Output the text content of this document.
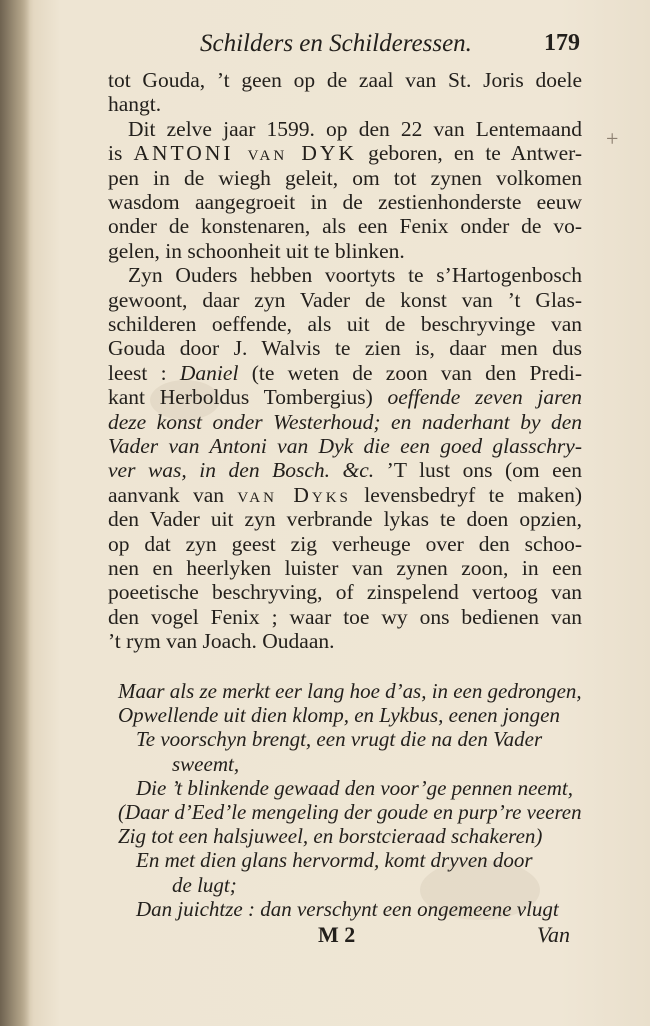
Schilders en Schilderessen.	179
tot Gouda, ’t geen op de zaal van St. Joris doele
hangt.
Dit zelve jaar 1599. op den 22 van Lentemaand
is ANTONI van DYK geboren, en te Antwer-
pen in de wiegh geleit, om tot zynen volkomen
wasdom aangegroeit in de zestienhonderste eeuw
onder de konstenaren, als een Fenix onder de vo-
gelen, in schoonheit uit te blinken.
Zyn Ouders hebben voortyts te s’Hartogenbosch
gewoont, daar zyn Vader de konst van ’t Glas-
schilderen oeffende, als uit de beschryvinge van
Gouda door J. Walvis te zien is, daar men dus
leest : Daniel (te weten de zoon van den Predi-
kant Herboldus Tombergius) oeffende zeven jaren
deze konst onder Westerhoud; en naderhant by den
Vader van Antoni van Dyk die een goed glasschry-
ver was, in den Bosch. &c. ’T lust ons (om een
aanvank van van Dyks levensbedryf te maken)
den Vader uit zyn verbrande lykas te doen opzien,
op dat zyn geest zig verheuge over den schoo-
nen en heerlyken luister van zynen zoon, in een
poeetische beschryving, of zinspelend vertoog van
den vogel Fenix ; waar toe wy ons bedienen van
’t rym van Joach. Oudaan.
Maar als ze merkt eer lang hoe d’as, in een gedrongen,
Opwellende uit dien klomp, en Lykbus, eenen jongen
Te voorschyn brengt, een vrugt die na den Vader
sweemt,
Die ’t blinkende gewaad den voor’ge pennen neemt,
(Daar d’Eed’le mengeling der goude en purp’re veeren
Zig tot een halsjuweel, en borstcieraad schakeren)
En met dien glans hervormd, komt dryven door
de lugt;
Dan juichtze : dan verschynt een ongemeene vlugt
M 2	Van
+
